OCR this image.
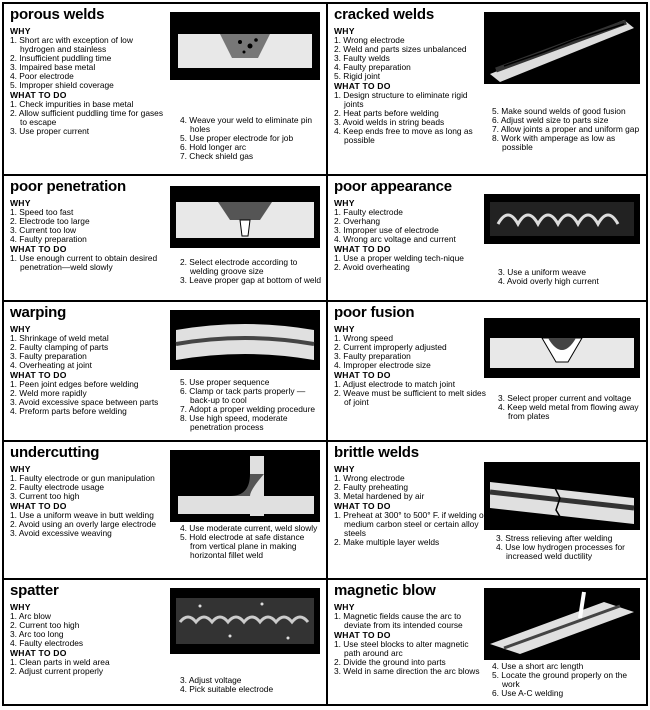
porous welds
WHY
1. Short arc with exception of low hydrogen and stainless
2. Insufficient puddling time
3. Impaired base metal
4. Poor electrode
5. Improper shield coverage
WHAT TO DO
1. Check impurities in base metal
2. Allow sufficient puddling time for gases to escape
3. Use proper current
4. Weave your weld to eliminate pin holes
5. Use proper electrode for job
6. Hold longer arc
7. Check shield gas
cracked welds
WHY
1. Wrong electrode
2. Weld and parts sizes unbalanced
3. Faulty welds
4. Faulty preparation
5. Rigid joint
WHAT TO DO
1. Design structure to eliminate rigid joints
2. Heat parts before welding
3. Avoid welds in string beads
4. Keep ends free to move as long as possible
5. Make sound welds of good fusion
6. Adjust weld size to parts size
7. Allow joints a proper and uniform gap
8. Work with amperage as low as possible
poor penetration
WHY
1. Speed too fast
2. Electrode too large
3. Current too low
4. Faulty preparation
WHAT TO DO
1. Use enough current to obtain desired penetration—weld slowly	2. Select electrode according to welding groove size
3. Leave proper gap at bottom of weld
poor appearance
WHY
1. Faulty electrode
2. Overhang
3. Improper use of electrode
4. Wrong arc voltage and current
WHAT TO DO
1. Use a proper welding tech-nique
2. Avoid overheating	3. Use a uniform weave
4. Avoid overly high current
warping
WHY
1. Shrinkage of weld metal
2. Faulty clamping of parts
3. Faulty preparation
4. Overheating at joint
WHAT TO DO
1. Peen joint edges before welding
2. Weld more rapidly
3. Avoid excessive space between parts
4. Preform parts before welding
5. Use proper sequence
6. Clamp or tack parts properly —back-up to cool
7. Adopt a proper welding procedure
8. Use high speed, moderate penetration process
poor fusion
WHY
1. Wrong speed
2. Current improperly adjusted
3. Faulty preparation
4. Improper electrode size
WHAT TO DO
1. Adjust electrode to match joint
2. Weave must be sufficient to melt sides of joint	3. Select proper current and voltage
4. Keep weld metal from flowing away from plates
undercutting
WHY
1. Faulty electrode or gun manipulation
2. Faulty electrode usage
3. Current too high
WHAT TO DO
1. Use a uniform weave in butt welding
2. Avoid using an overly large electrode
3. Avoid excessive weaving	4. Use moderate current, weld slowly
5. Hold electrode at safe distance from vertical plane in making horizontal fillet weld
brittle welds
WHY
1. Wrong electrode
2. Faulty preheating
3. Metal hardened by air
WHAT TO DO
1. Preheat at 300° to 500° F. if welding on medium carbon steel or certain alloy steels
2. Make multiple layer welds	3. Stress relieving after welding
4. Use low hydrogen processes for increased weld ductility
spatter
WHY
1. Arc blow
2. Current too high
3. Arc too long
4. Faulty electrodes
WHAT TO DO
1. Clean parts in weld area
2. Adjust current properly
3. Adjust voltage
4. Pick suitable electrode
magnetic blow
WHY
1. Magnetic fields cause the arc to deviate from its intended course
WHAT TO DO
1. Use steel blocks to alter magnetic path around arc
2. Divide the ground into parts
3. Weld in same direction the arc blows	4. Use a short arc length
5. Locate the ground properly on the work
6. Use A-C welding
